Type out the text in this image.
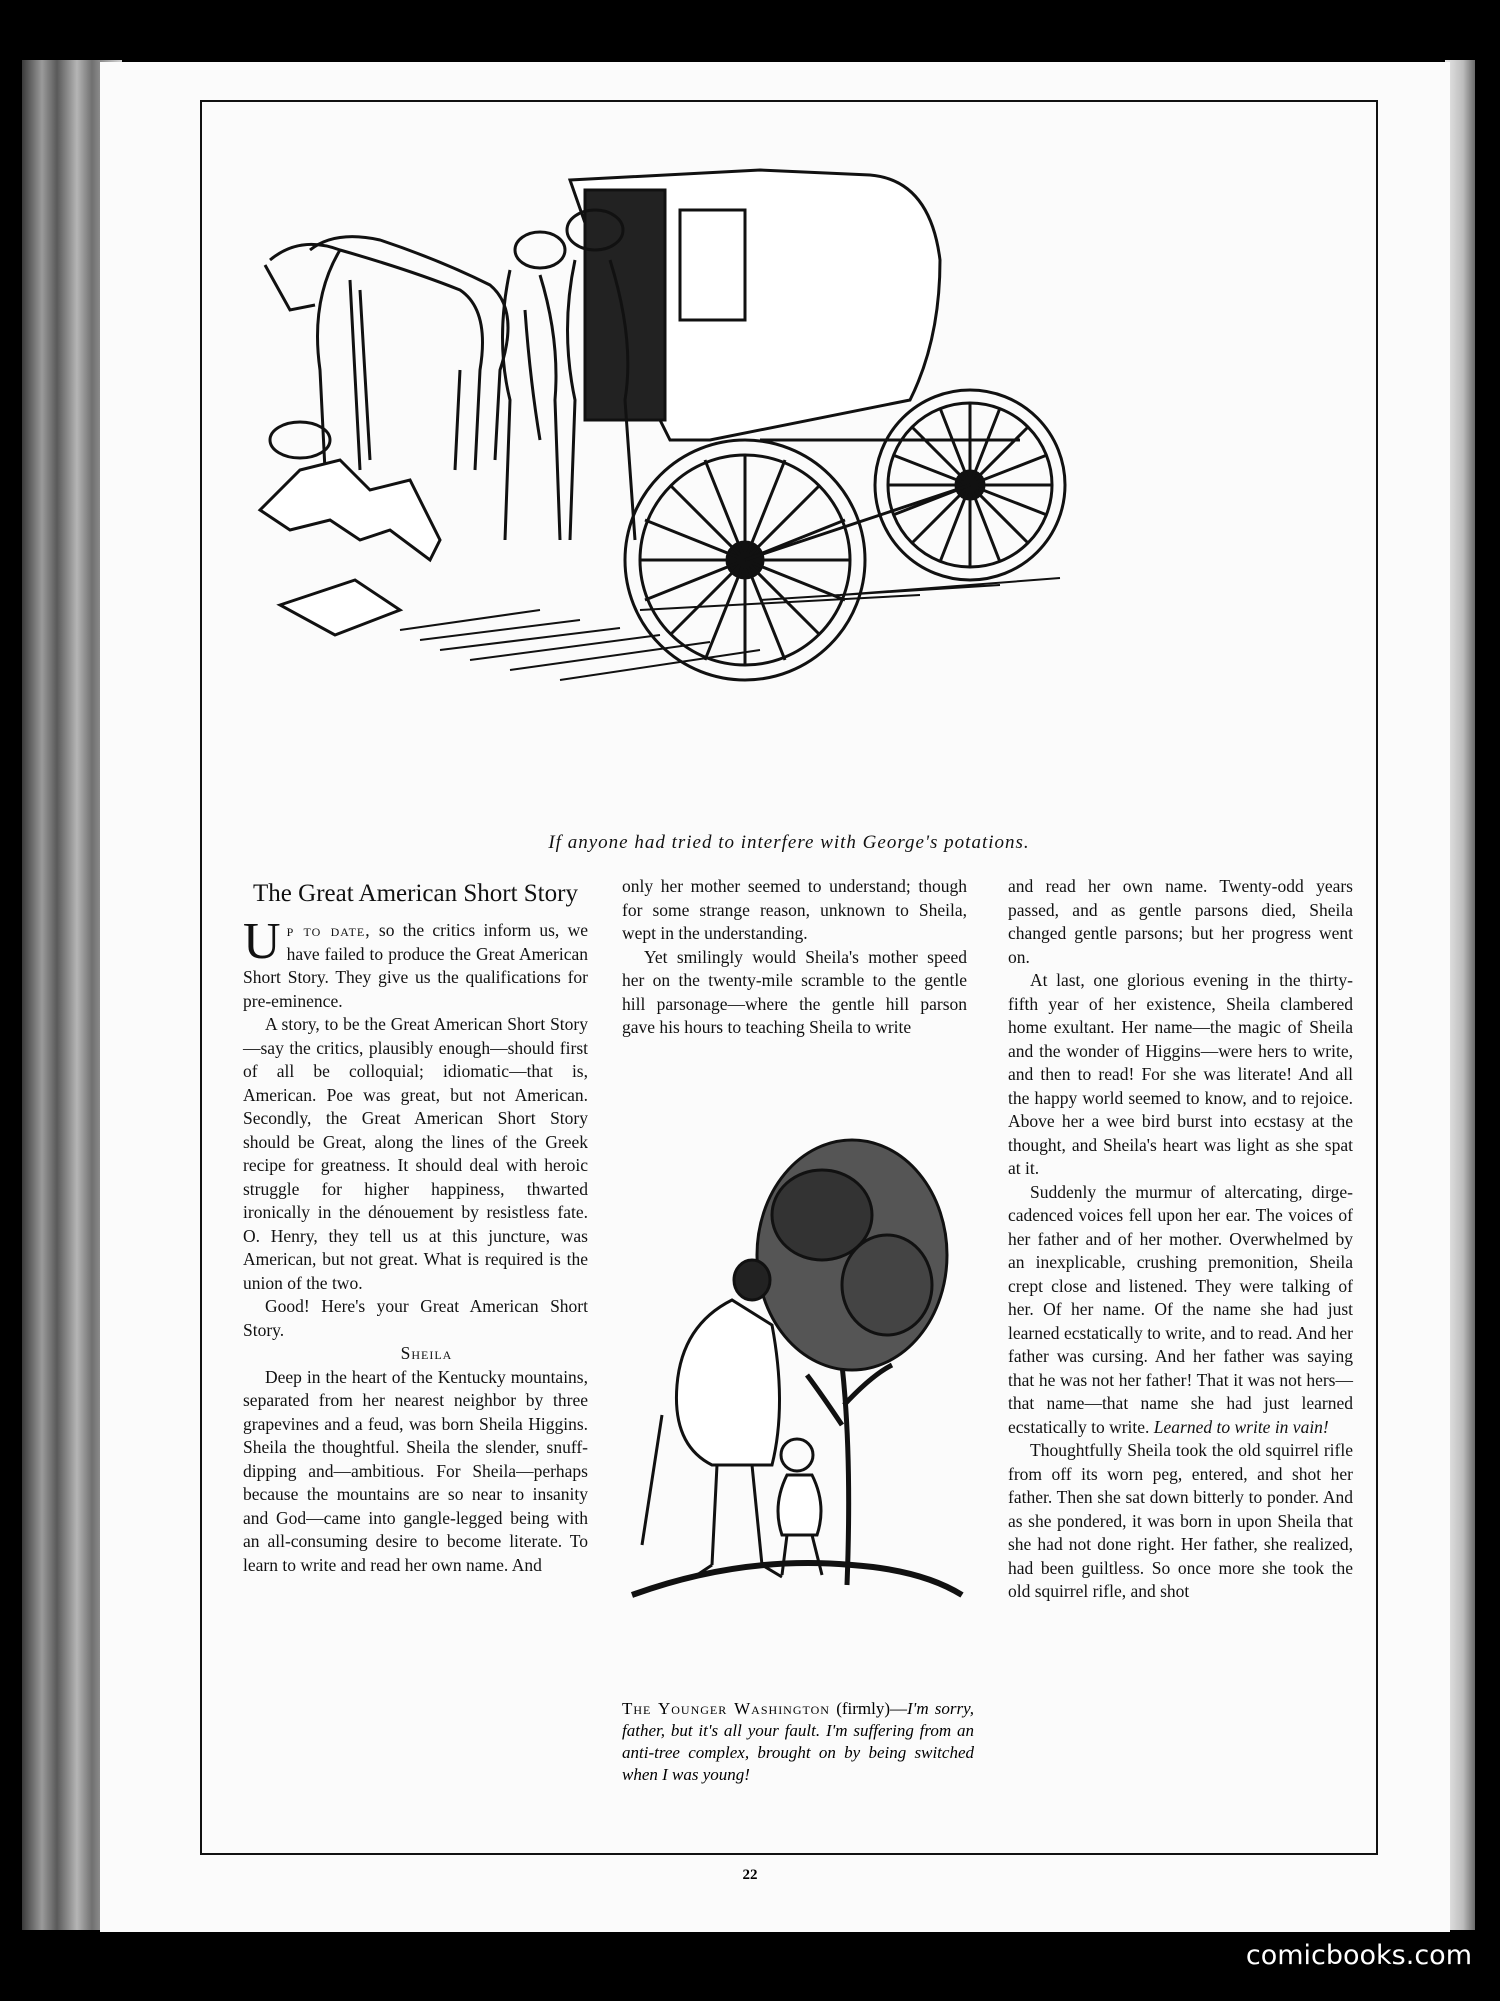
If anyone had tried to interfere with George's potations.
The Great American Short Story

Up to date, so the critics inform us, we have failed to produce the Great American Short Story. They give us the qualifications for pre-eminence.

A story, to be the Great American Short Story—say the critics, plausibly enough—should first of all be colloquial; idiomatic—that is, American. Poe was great, but not American. Secondly, the Great American Short Story should be Great, along the lines of the Greek recipe for greatness. It should deal with heroic struggle for higher happiness, thwarted ironically in the dénouement by resistless fate. O. Henry, they tell us at this juncture, was American, but not great. What is required is the union of the two.

Good! Here's your Great American Short Story.

Sheila

Deep in the heart of the Kentucky mountains, separated from her nearest neighbor by three grapevines and a feud, was born Sheila Higgins. Sheila the thoughtful. Sheila the slender, snuff-dipping and—ambitious. For Sheila—perhaps because the mountains are so near to insanity and God—came into gangle-legged being with an all-consuming desire to become literate. To learn to write and read her own name. And

only her mother seemed to understand; though for some strange reason, unknown to Sheila, wept in the understanding.

Yet smilingly would Sheila's mother speed her on the twenty-mile scramble to the gentle hill parsonage—where the gentle hill parson gave his hours to teaching Sheila to write

The Younger Washington (firmly)—I'm sorry, father, but it's all your fault. I'm suffering from an anti-tree complex, brought on by being switched when I was young!

and read her own name. Twenty-odd years passed, and as gentle parsons died, Sheila changed gentle parsons; but her progress went on.

At last, one glorious evening in the thirty-fifth year of her existence, Sheila clambered home exultant. Her name—the magic of Sheila and the wonder of Higgins—were hers to write, and then to read! For she was literate! And all the happy world seemed to know, and to rejoice. Above her a wee bird burst into ecstasy at the thought, and Sheila's heart was light as she spat at it.

Suddenly the murmur of altercating, dirge-cadenced voices fell upon her ear. The voices of her father and of her mother. Overwhelmed by an inexplicable, crushing premonition, Sheila crept close and listened. They were talking of her. Of her name. Of the name she had just learned ecstatically to write, and to read. And her father was cursing. And her father was saying that he was not her father! That it was not hers—that name—that name she had just learned ecstatically to write. Learned to write in vain!

Thoughtfully Sheila took the old squirrel rifle from off its worn peg, entered, and shot her father. Then she sat down bitterly to ponder. And as she pondered, it was born in upon Sheila that she had not done right. Her father, she realized, had been guiltless. So once more she took the old squirrel rifle, and shot

22
comicbooks.com
